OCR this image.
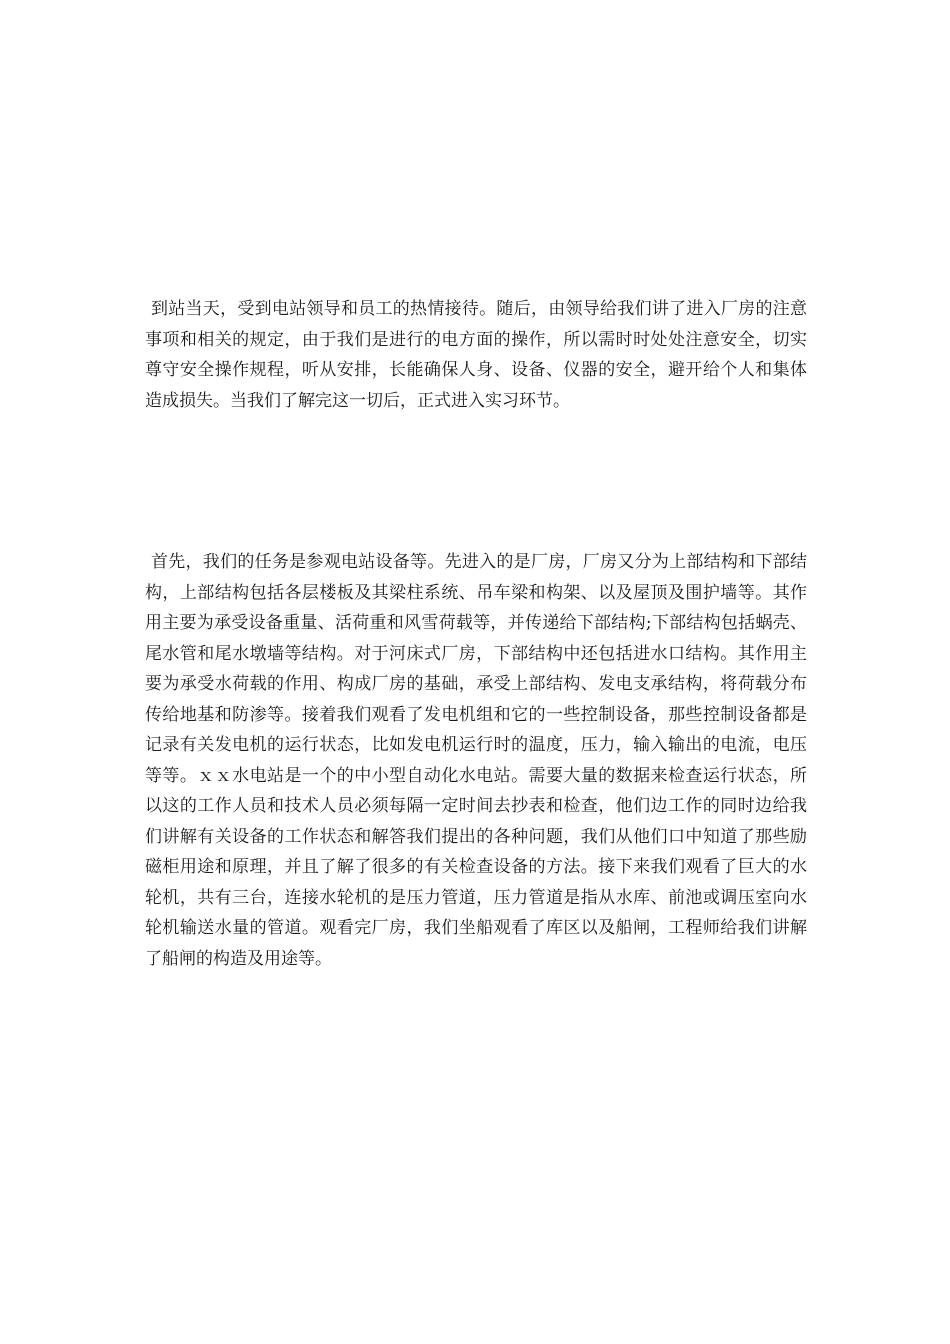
到站当天，受到电站领导和员工的热情接待。随后，由领导给我们讲了进入厂房的注意事项和相关的规定，由于我们是进行的电方面的操作，所以需时时处处注意安全，切实尊守安全操作规程，听从安排，长能确保人身、设备、仪器的安全，避开给个人和集体造成损失。当我们了解完这一切后，正式进入实习环节。

首先，我们的任务是参观电站设备等。先进入的是厂房，厂房又分为上部结构和下部结构，上部结构包括各层楼板及其梁柱系统、吊车梁和构架、以及屋顶及围护墙等。其作用主要为承受设备重量、活荷重和风雪荷载等，并传递给下部结构;下部结构包括蜗壳、尾水管和尾水墩墙等结构。对于河床式厂房，下部结构中还包括进水口结构。其作用主要为承受水荷载的作用、构成厂房的基础，承受上部结构、发电支承结构，将荷载分布传给地基和防渗等。接着我们观看了发电机组和它的一些控制设备，那些控制设备都是记录有关发电机的运行状态，比如发电机运行时的温度，压力，输入输出的电流，电压等等。ｘｘ水电站是一个的中小型自动化水电站。需要大量的数据来检查运行状态，所以这的工作人员和技术人员必须每隔一定时间去抄表和检查，他们边工作的同时边给我们讲解有关设备的工作状态和解答我们提出的各种问题，我们从他们口中知道了那些励磁柜用途和原理，并且了解了很多的有关检查设备的方法。接下来我们观看了巨大的水轮机，共有三台，连接水轮机的是压力管道，压力管道是指从水库、前池或调压室向水轮机输送水量的管道。观看完厂房，我们坐船观看了库区以及船闸，工程师给我们讲解了船闸的构造及用途等。
